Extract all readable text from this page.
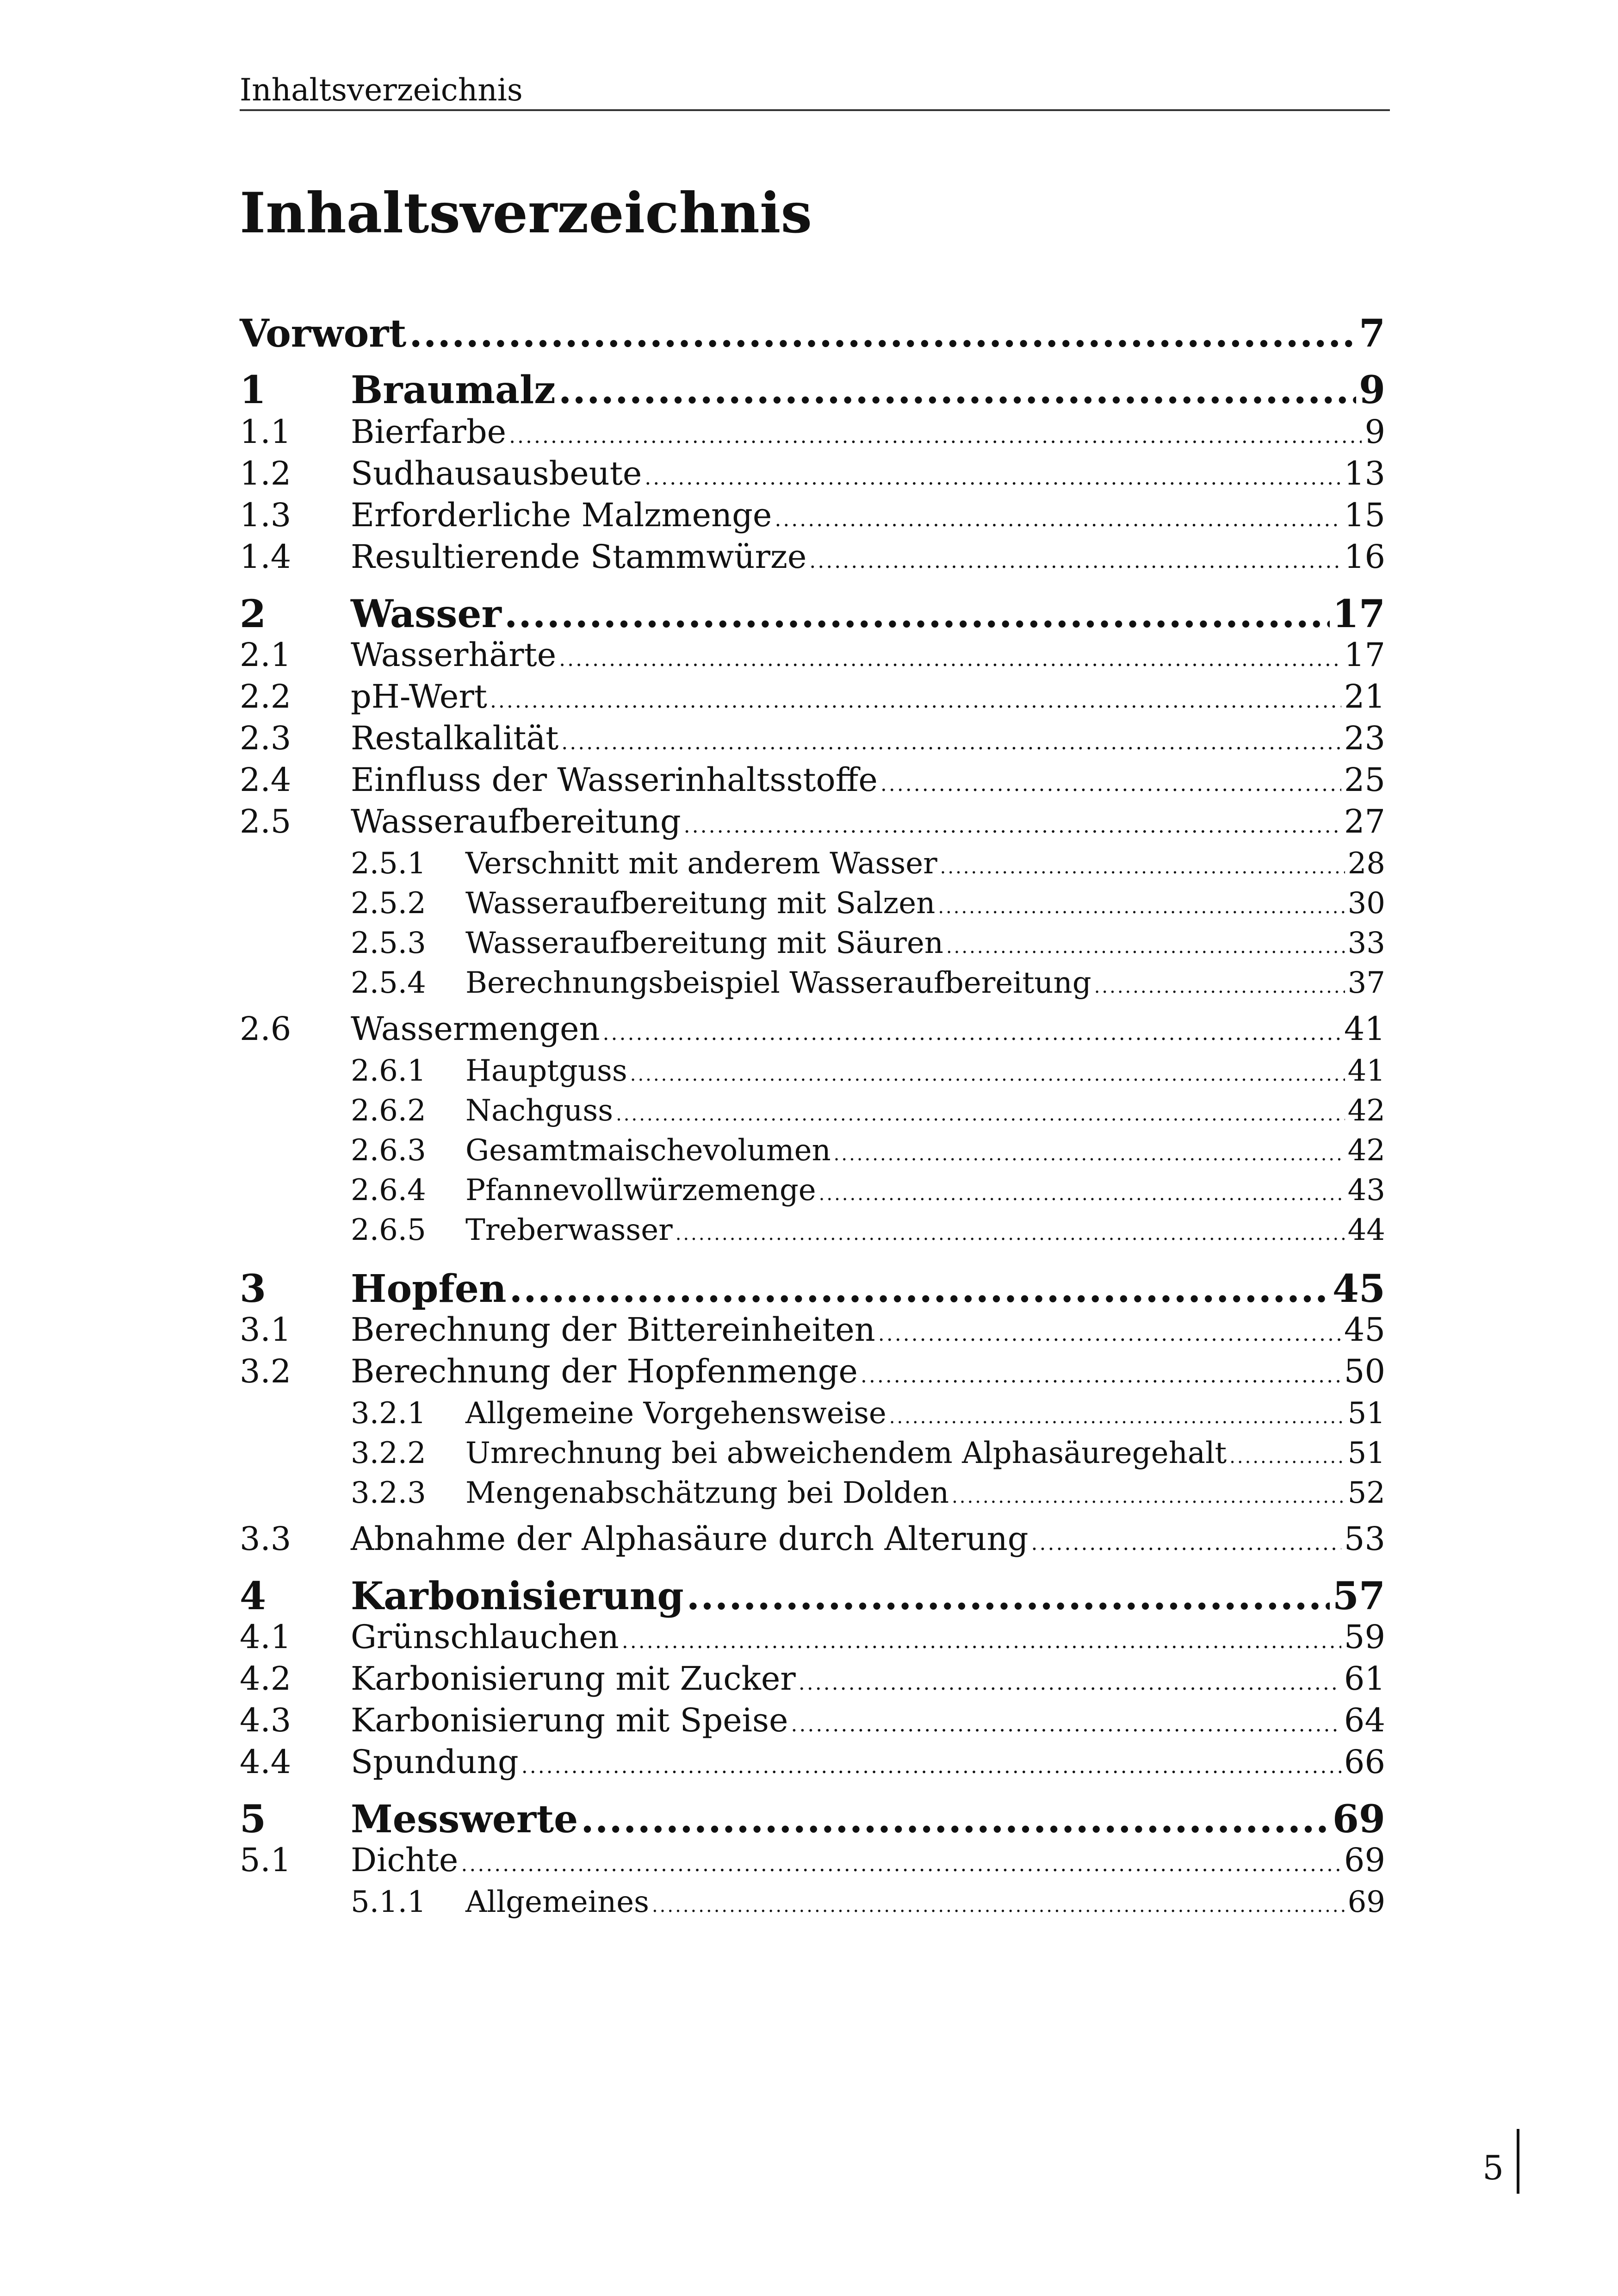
Inhaltsverzeichnis
Inhaltsverzeichnis
Vorwort .....	7
1	Braumalz .....	9
1.1	Bierfarbe .....	9
1.2	Sudhausausbeute .....	13
1.3	Erforderliche Malzmenge .....	15
1.4	Resultierende Stammwürze .....	16
2	Wasser .....	17
2.1	Wasserhärte .....	17
2.2	pH-Wert .....	21
2.3	Restalkalität .....	23
2.4	Einfluss der Wasserinhaltsstoffe .....	25
2.5	Wasseraufbereitung .....	27
2.5.1	Verschnitt mit anderem Wasser .....	28
2.5.2	Wasseraufbereitung mit Salzen .....	30
2.5.3	Wasseraufbereitung mit Säuren .....	33
2.5.4	Berechnungsbeispiel Wasseraufbereitung .....	37
2.6	Wassermengen .....	41
2.6.1	Hauptguss .....	41
2.6.2	Nachguss .....	42
2.6.3	Gesamtmaischevolumen .....	42
2.6.4	Pfannevollwürzemenge .....	43
2.6.5	Treberwasser .....	44
3	Hopfen .....	45
3.1	Berechnung der Bittereinheiten .....	45
3.2	Berechnung der Hopfenmenge .....	50
3.2.1	Allgemeine Vorgehensweise .....	51
3.2.2	Umrechnung bei abweichendem Alphasäuregehalt .....	51
3.2.3	Mengenabschätzung bei Dolden .....	52
3.3	Abnahme der Alphasäure durch Alterung .....	53
4	Karbonisierung .....	57
4.1	Grünschlauchen .....	59
4.2	Karbonisierung mit Zucker .....	61
4.3	Karbonisierung mit Speise .....	64
4.4	Spundung .....	66
5	Messwerte .....	69
5.1	Dichte .....	69
5.1.1	Allgemeines .....	69
5
